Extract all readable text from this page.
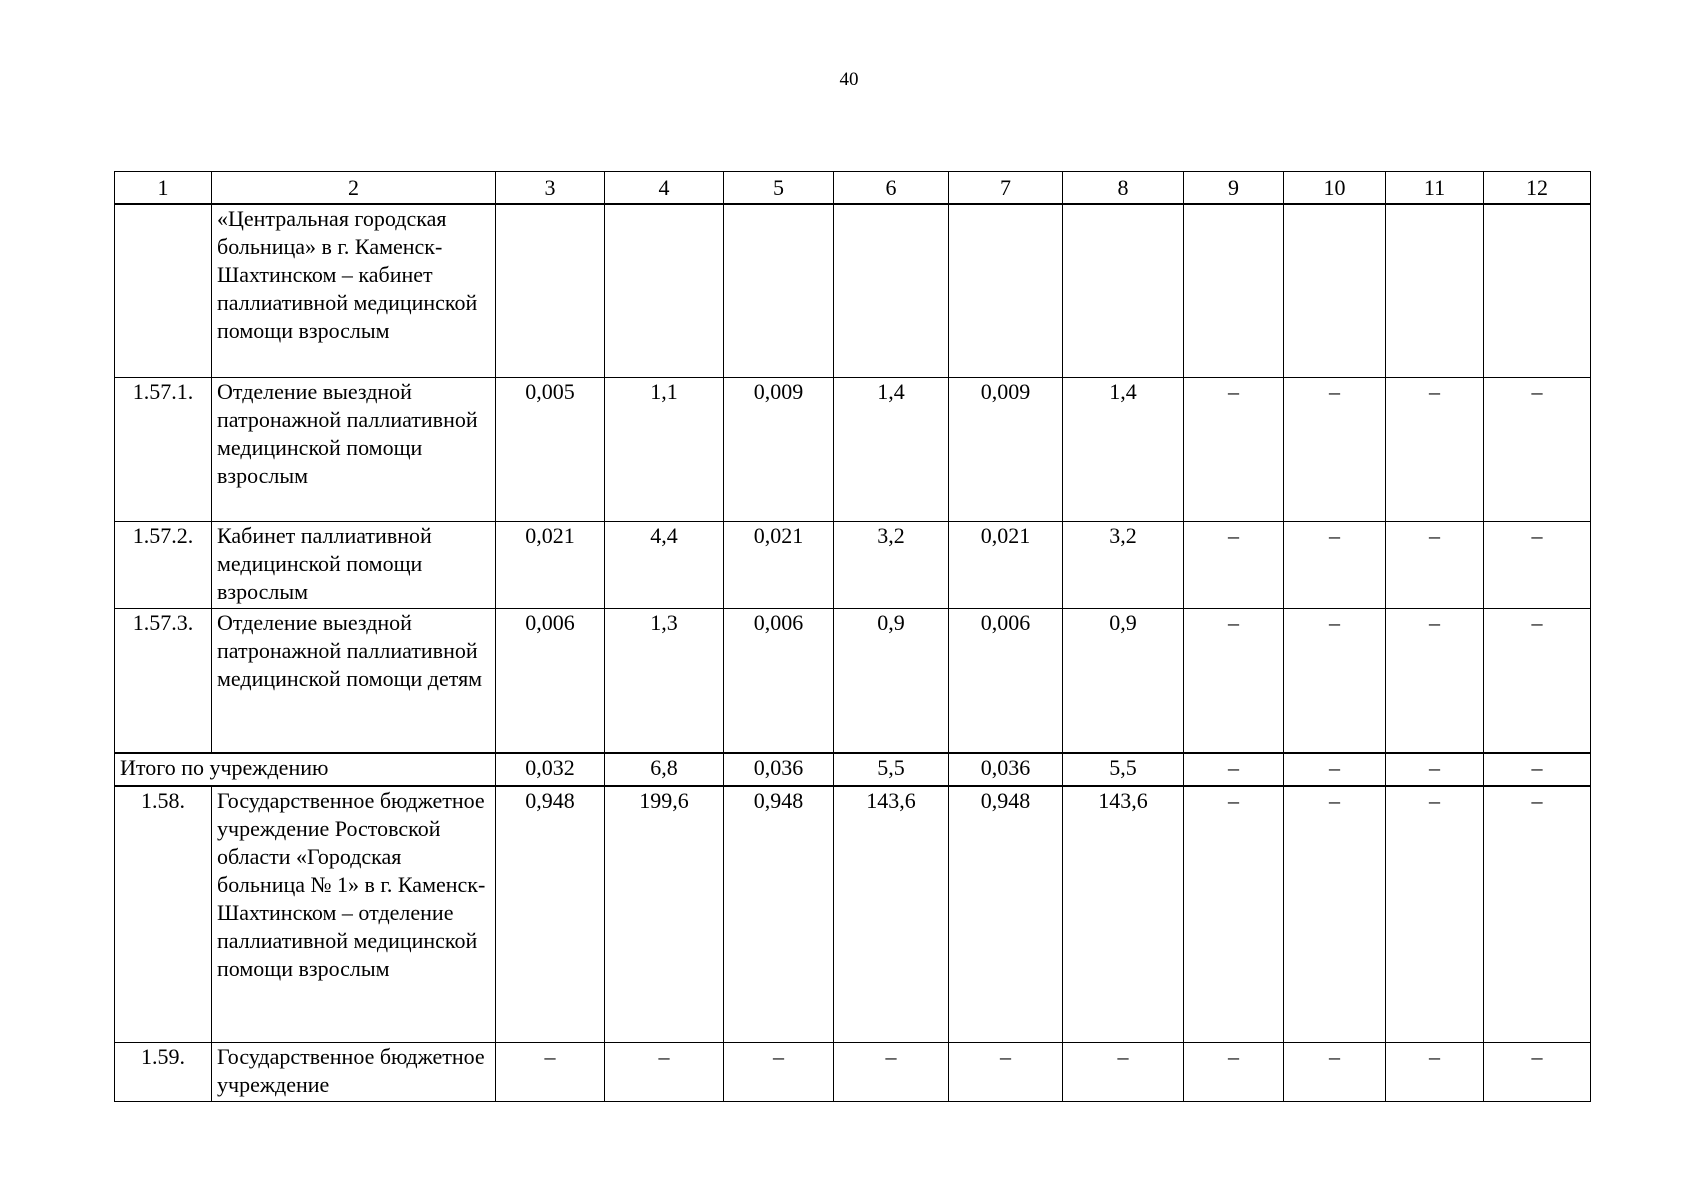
40
1	2	3	4	5	6	7	8	9	10	11	12
	«Центральная городская больница» в г. Каменск-Шахтинском – кабинет паллиативной медицинской помощи взрослым										
1.57.1.	Отделение выездной патронажной паллиативной медицинской помощи взрослым	0,005	1,1	0,009	1,4	0,009	1,4	–	–	–	–
1.57.2.	Кабинет паллиативной медицинской помощи взрослым	0,021	4,4	0,021	3,2	0,021	3,2	–	–	–	–
1.57.3.	Отделение выездной патронажной паллиативной медицинской помощи детям	0,006	1,3	0,006	0,9	0,006	0,9	–	–	–	–
Итого по учреждению		0,032	6,8	0,036	5,5	0,036	5,5	–	–	–	–
1.58.	Государственное бюджетное учреждение Ростовской области «Городская больница № 1» в г. Каменск-Шахтинском – отделение паллиативной медицинской помощи взрослым	0,948	199,6	0,948	143,6	0,948	143,6	–	–	–	–
1.59.	Государственное бюджетное учреждение	–	–	–	–	–	–	–	–	–	–
